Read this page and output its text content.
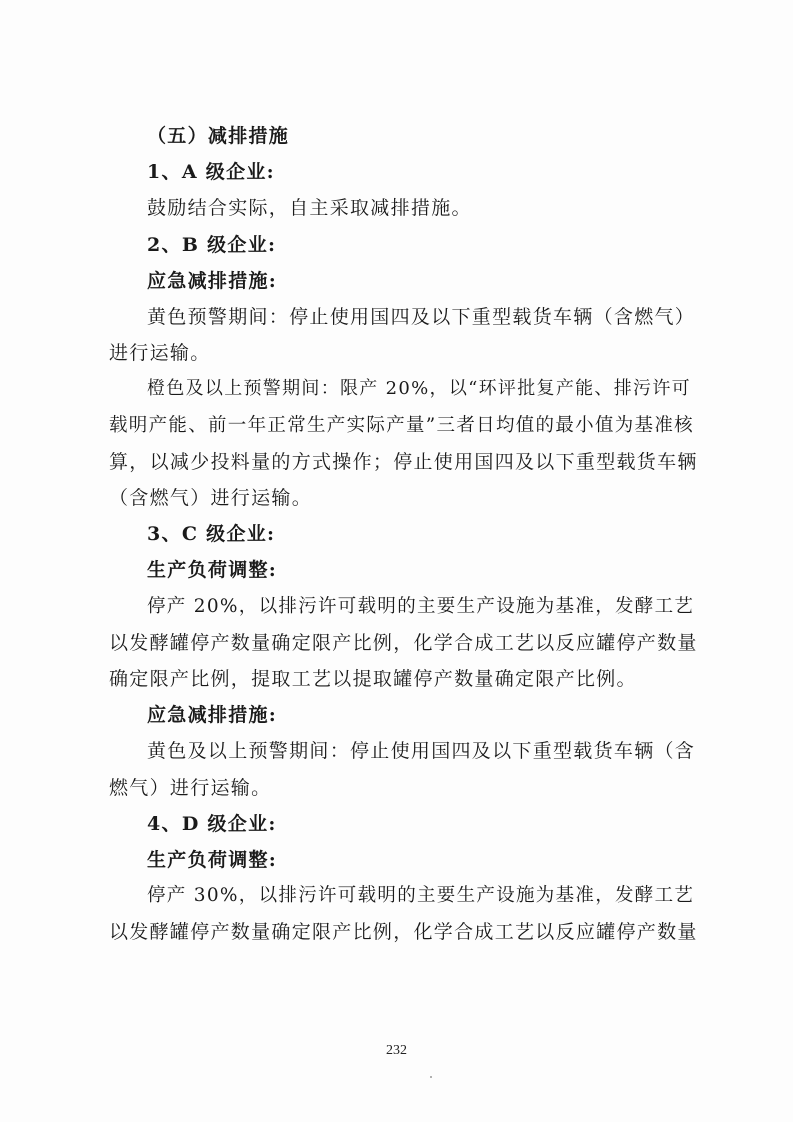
（五）减排措施
1、A 级企业:
鼓励结合实际，自主采取减排措施。
2、B 级企业:
应急减排措施:
黄色预警期间：停止使用国四及以下重型载货车辆（含燃气）
进行运输。
橙色及以上预警期间：限产 20%，以“环评批复产能、排污许可
载明产能、前一年正常生产实际产量”三者日均值的最小值为基准核
算，以减少投料量的方式操作；停止使用国四及以下重型载货车辆
（含燃气）进行运输。
3、C 级企业:
生产负荷调整:
停产 20%，以排污许可载明的主要生产设施为基准，发酵工艺
以发酵罐停产数量确定限产比例，化学合成工艺以反应罐停产数量
确定限产比例，提取工艺以提取罐停产数量确定限产比例。
应急减排措施:
黄色及以上预警期间：停止使用国四及以下重型载货车辆（含
燃气）进行运输。
4、D 级企业:
生产负荷调整:
停产 30%，以排污许可载明的主要生产设施为基准，发酵工艺
以发酵罐停产数量确定限产比例，化学合成工艺以反应罐停产数量
232
